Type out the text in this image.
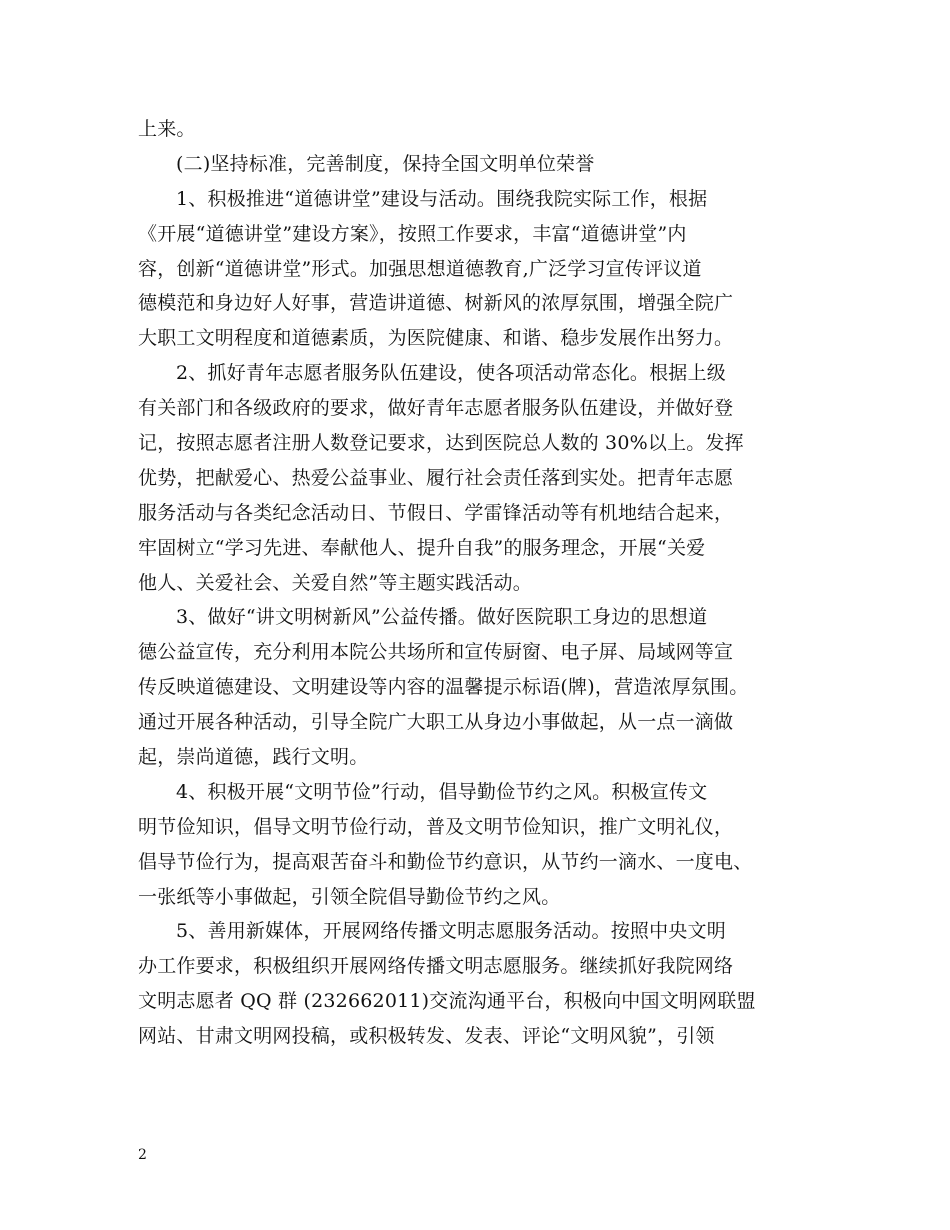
上来。
(二)坚持标准，完善制度，保持全国文明单位荣誉
1、积极推进“道德讲堂”建设与活动。围绕我院实际工作，根据
《开展“道德讲堂”建设方案》，按照工作要求，丰富“道德讲堂”内
容，创新“道德讲堂”形式。加强思想道德教育,广泛学习宣传评议道
德模范和身边好人好事，营造讲道德、树新风的浓厚氛围，增强全院广
大职工文明程度和道德素质，为医院健康、和谐、稳步发展作出努力。
2、抓好青年志愿者服务队伍建设，使各项活动常态化。根据上级
有关部门和各级政府的要求，做好青年志愿者服务队伍建设，并做好登
记，按照志愿者注册人数登记要求，达到医院总人数的 30%以上。发挥
优势，把献爱心、热爱公益事业、履行社会责任落到实处。把青年志愿
服务活动与各类纪念活动日、节假日、学雷锋活动等有机地结合起来，
牢固树立“学习先进、奉献他人、提升自我”的服务理念，开展“关爱
他人、关爱社会、关爱自然”等主题实践活动。
3、做好“讲文明树新风”公益传播。做好医院职工身边的思想道
德公益宣传，充分利用本院公共场所和宣传厨窗、电子屏、局域网等宣
传反映道德建设、文明建设等内容的温馨提示标语(牌)，营造浓厚氛围。
通过开展各种活动，引导全院广大职工从身边小事做起，从一点一滴做
起，崇尚道德，践行文明。
4、积极开展“文明节俭”行动，倡导勤俭节约之风。积极宣传文
明节俭知识，倡导文明节俭行动，普及文明节俭知识，推广文明礼仪，
倡导节俭行为，提高艰苦奋斗和勤俭节约意识，从节约一滴水、一度电、
一张纸等小事做起，引领全院倡导勤俭节约之风。
5、善用新媒体，开展网络传播文明志愿服务活动。按照中央文明
办工作要求，积极组织开展网络传播文明志愿服务。继续抓好我院网络
文明志愿者 QQ 群 (232662011)交流沟通平台，积极向中国文明网联盟
网站、甘肃文明网投稿，或积极转发、发表、评论“文明风貌”，引领
2
